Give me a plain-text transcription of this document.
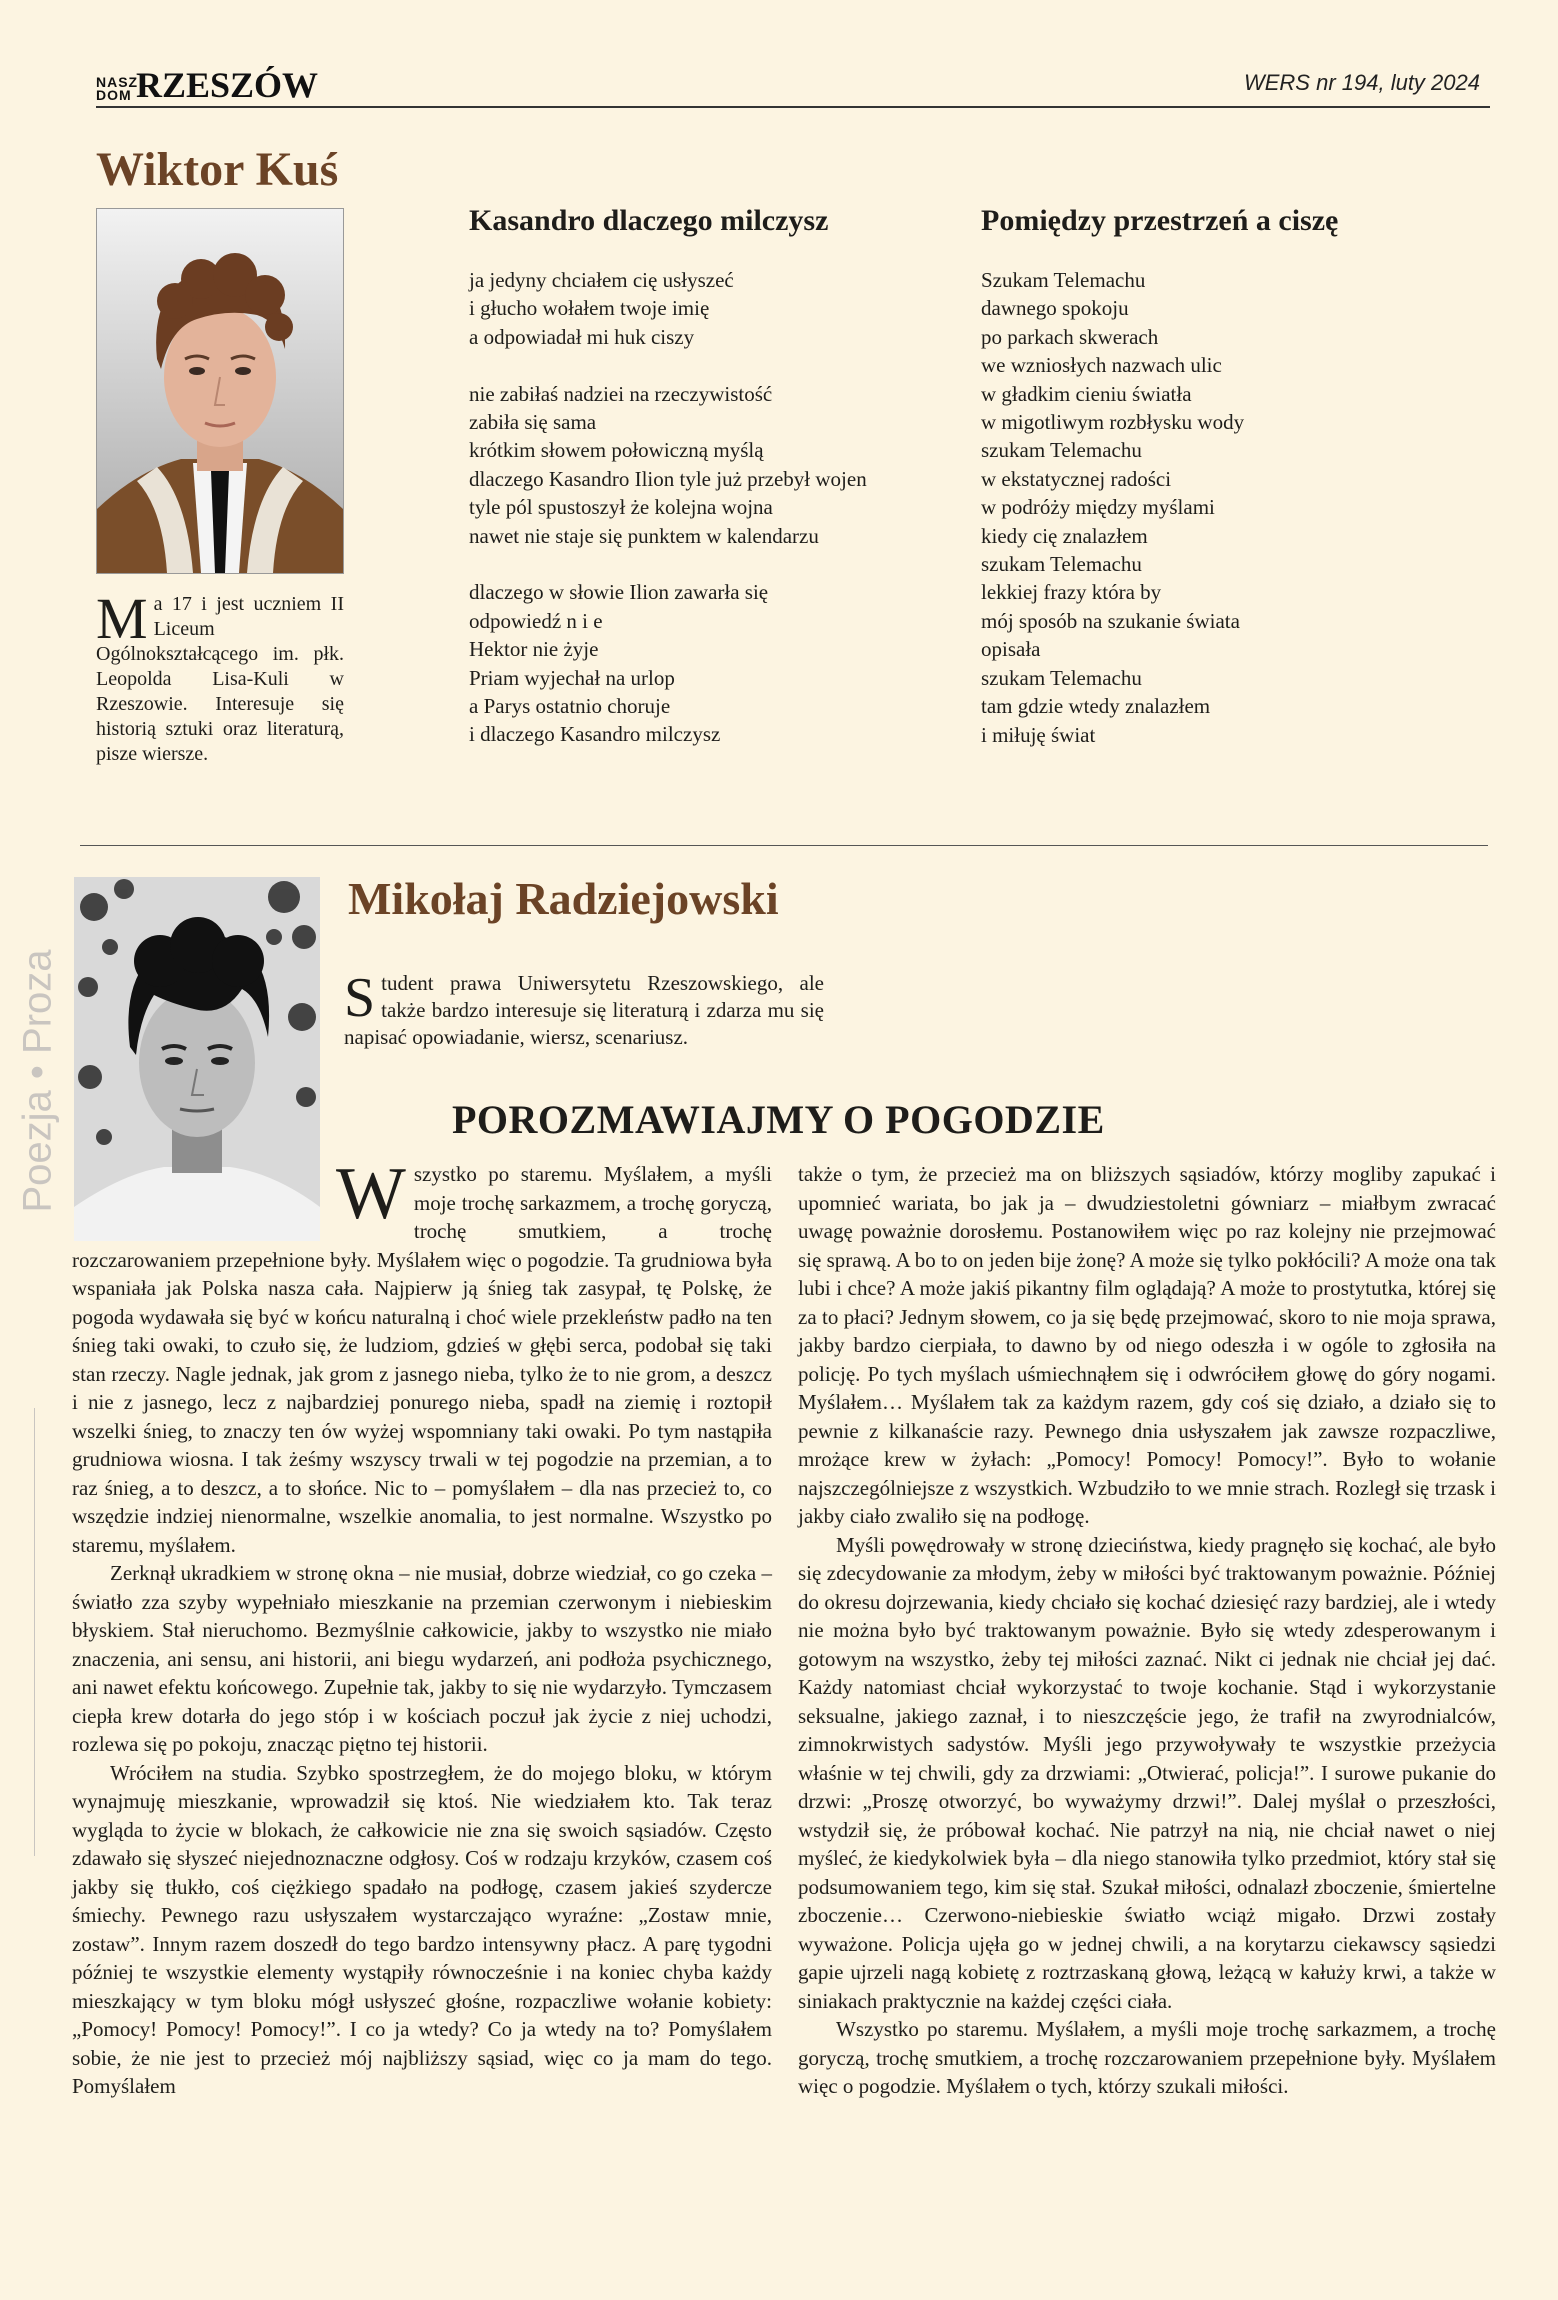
NASZ DOM RZESZÓW	WERS nr 194, luty 2024
Poezja • Proza
Wiktor Kuś
Ma 17 i jest uczniem II Liceum Ogólnokształcącego im. płk. Leopolda Lisa-Kuli w Rzeszowie. Interesuje się historią sztuki oraz literaturą, pisze wiersze.
Kasandro dlaczego milczysz
ja jedyny chciałem cię usłyszeć
i głucho wołałem twoje imię
a odpowiadał mi huk ciszy
nie zabiłaś nadziei na rzeczywistość
zabiła się sama
krótkim słowem połowiczną myślą
dlaczego Kasandro Ilion tyle już przebył wojen
tyle pól spustoszył że kolejna wojna
nawet nie staje się punktem w kalendarzu
dlaczego w słowie Ilion zawarła się
odpowiedź n i e
Hektor nie żyje
Priam wyjechał na urlop
a Parys ostatnio choruje
i dlaczego Kasandro milczysz
Pomiędzy przestrzeń a ciszę
Szukam Telemachu
dawnego spokoju
po parkach skwerach
we wzniosłych nazwach ulic
w gładkim cieniu światła
w migotliwym rozbłysku wody
szukam Telemachu
w ekstatycznej radości
w podróży między myślami
kiedy cię znalazłem
szukam Telemachu
lekkiej frazy która by
mój sposób na szukanie świata
opisała
szukam Telemachu
tam gdzie wtedy znalazłem
i miłuję świat
Mikołaj Radziejowski
Student prawa Uniwersytetu Rzeszowskiego, ale także bardzo interesuje się literaturą i zdarza mu się napisać opowiadanie, wiersz, scenariusz.
POROZMAWIAJMY O POGODZIE

Wszystko po staremu. Myślałem, a myśli moje trochę sarkazmem, a trochę goryczą, trochę smutkiem, a trochę rozczarowaniem przepełnione były. Myślałem więc o pogodzie. Ta grudniowa była wspaniała jak Polska nasza cała. Najpierw ją śnieg tak zasypał, tę Polskę, że pogoda wydawała się być w końcu naturalną i choć wiele przekleństw padło na ten śnieg taki owaki, to czuło się, że ludziom, gdzieś w głębi serca, podobał się taki stan rzeczy. Nagle jednak, jak grom z jasnego nieba, tylko że to nie grom, a deszcz i nie z jasnego, lecz z najbardziej ponurego nieba, spadł na ziemię i roztopił wszelki śnieg, to znaczy ten ów wyżej wspomniany taki owaki. Po tym nastąpiła grudniowa wiosna. I tak żeśmy wszyscy trwali w tej pogodzie na przemian, a to raz śnieg, a to deszcz, a to słońce. Nic to – pomyślałem – dla nas przecież to, co wszędzie indziej nienormalne, wszelkie anomalia, to jest normalne. Wszystko po staremu, myślałem.

Zerknął ukradkiem w stronę okna – nie musiał, dobrze wiedział, co go czeka – światło zza szyby wypełniało mieszkanie na przemian czerwonym i niebieskim błyskiem. Stał nieruchomo. Bezmyślnie całkowicie, jakby to wszystko nie miało znaczenia, ani sensu, ani historii, ani biegu wydarzeń, ani podłoża psychicznego, ani nawet efektu końcowego. Zupełnie tak, jakby to się nie wydarzyło. Tymczasem ciepła krew dotarła do jego stóp i w kościach poczuł jak życie z niej uchodzi, rozlewa się po pokoju, znacząc piętno tej historii.

Wróciłem na studia. Szybko spostrzegłem, że do mojego bloku, w którym wynajmuję mieszkanie, wprowadził się ktoś. Nie wiedziałem kto. Tak teraz wygląda to życie w blokach, że całkowicie nie zna się swoich sąsiadów. Często zdawało się słyszeć niejednoznaczne odgłosy. Coś w rodzaju krzyków, czasem coś jakby się tłukło, coś ciężkiego spadało na podłogę, czasem jakieś szydercze śmiechy. Pewnego razu usłyszałem wystarczająco wyraźne: „Zostaw mnie, zostaw”. Innym razem doszedł do tego bardzo intensywny płacz. A parę tygodni później te wszystkie elementy wystąpiły równocześnie i na koniec chyba każdy mieszkający w tym bloku mógł usłyszeć głośne, rozpaczliwe wołanie kobiety: „Pomocy! Pomocy! Pomocy!”. I co ja wtedy? Co ja wtedy na to? Pomyślałem sobie, że nie jest to przecież mój najbliższy sąsiad, więc co ja mam do tego. Pomyślałem

także o tym, że przecież ma on bliższych sąsiadów, którzy mogliby zapukać i upomnieć wariata, bo jak ja – dwudziestoletni gówniarz – miałbym zwracać uwagę poważnie dorosłemu. Postanowiłem więc po raz kolejny nie przejmować się sprawą. A bo to on jeden bije żonę? A może się tylko pokłócili? A może ona tak lubi i chce? A może jakiś pikantny film oglądają? A może to prostytutka, której się za to płaci? Jednym słowem, co ja się będę przejmować, skoro to nie moja sprawa, jakby bardzo cierpiała, to dawno by od niego odeszła i w ogóle to zgłosiła na policję. Po tych myślach uśmiechnąłem się i odwróciłem głowę do góry nogami. Myślałem… Myślałem tak za każdym razem, gdy coś się działo, a działo się to pewnie z kilkanaście razy. Pewnego dnia usłyszałem jak zawsze rozpaczliwe, mrożące krew w żyłach: „Pomocy! Pomocy! Pomocy!”. Było to wołanie najszczególniejsze z wszystkich. Wzbudziło to we mnie strach. Rozległ się trzask i jakby ciało zwaliło się na podłogę.

Myśli powędrowały w stronę dzieciństwa, kiedy pragnęło się kochać, ale było się zdecydowanie za młodym, żeby w miłości być traktowanym poważnie. Później do okresu dojrzewania, kiedy chciało się kochać dziesięć razy bardziej, ale i wtedy nie można było być traktowanym poważnie. Było się wtedy zdesperowanym i gotowym na wszystko, żeby tej miłości zaznać. Nikt ci jednak nie chciał jej dać. Każdy natomiast chciał wykorzystać to twoje kochanie. Stąd i wykorzystanie seksualne, jakiego zaznał, i to nieszczęście jego, że trafił na zwyrodnialców, zimnokrwistych sadystów. Myśli jego przywoływały te wszystkie przeżycia właśnie w tej chwili, gdy za drzwiami: „Otwierać, policja!”. I surowe pukanie do drzwi: „Proszę otworzyć, bo wyważymy drzwi!”. Dalej myślał o przeszłości, wstydził się, że próbował kochać. Nie patrzył na nią, nie chciał nawet o niej myśleć, że kiedykolwiek była – dla niego stanowiła tylko przedmiot, który stał się podsumowaniem tego, kim się stał. Szukał miłości, odnalazł zboczenie, śmiertelne zboczenie… Czerwono-niebieskie światło wciąż migało. Drzwi zostały wyważone. Policja ujęła go w jednej chwili, a na korytarzu ciekawscy sąsiedzi gapie ujrzeli nagą kobietę z roztrzaskaną głową, leżącą w kałuży krwi, a także w siniakach praktycznie na każdej części ciała.

Wszystko po staremu. Myślałem, a myśli moje trochę sarkazmem, a trochę goryczą, trochę smutkiem, a trochę rozczarowaniem przepełnione były. Myślałem więc o pogodzie. Myślałem o tych, którzy szukali miłości.
